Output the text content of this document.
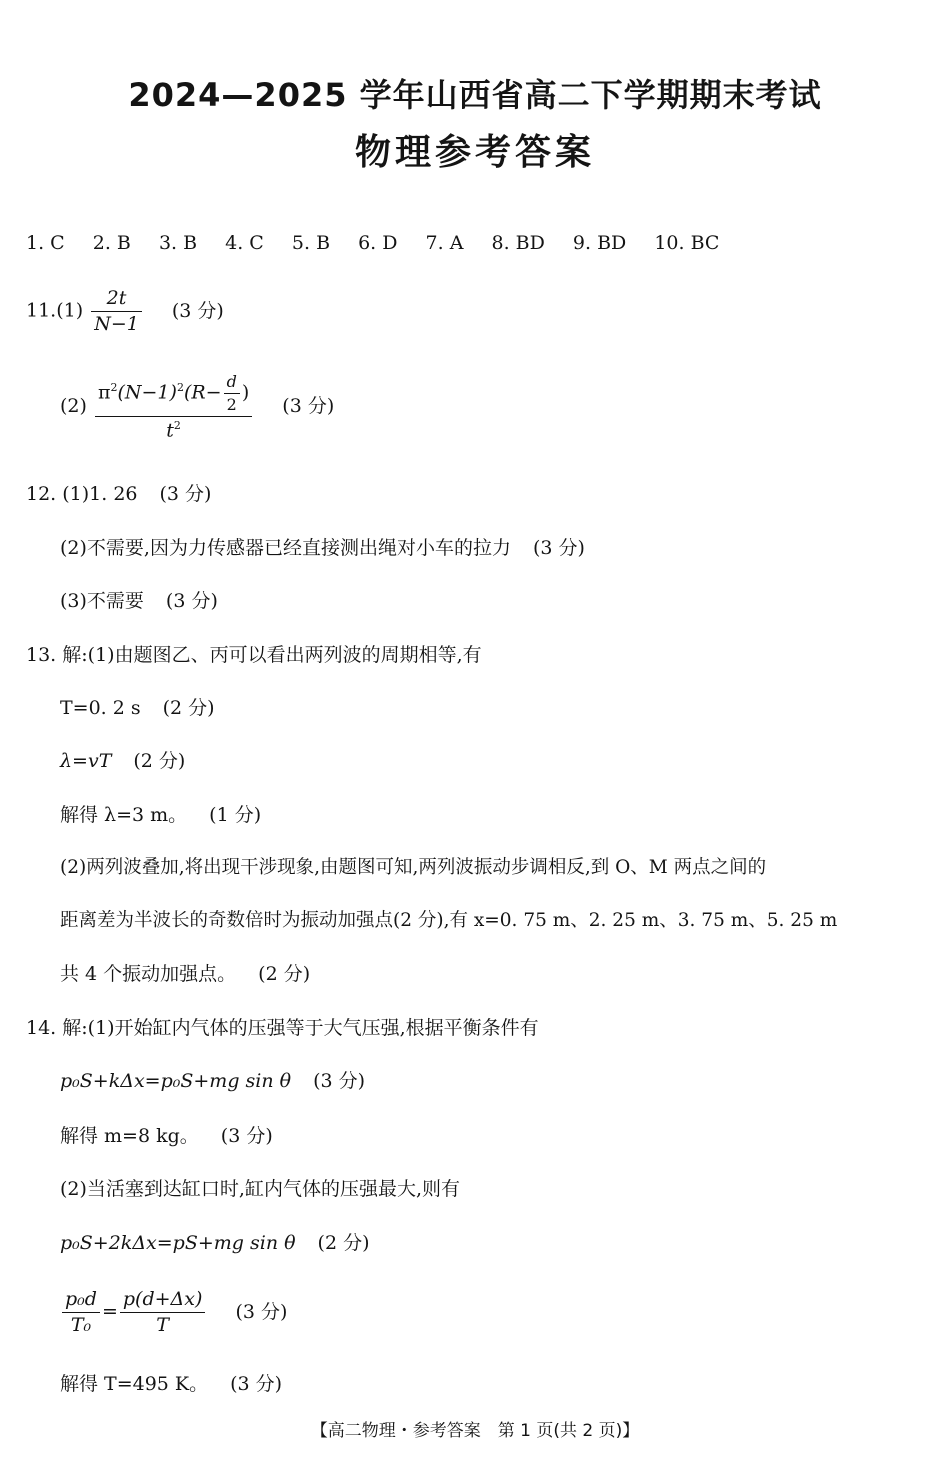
2024—2025 学年山西省高二下学期期末考试
物理参考答案
1. C 2. B 3. B 4. C 5. B 6. D 7. A 8. BD 9. BD 10. BC
$11.(1) \frac{2t}{N-1} (3$ 分)
$(2) \frac{\pi^2(N-1)^2(R- \frac{d}{2} )}{t^2} (3$ 分)
12. (1)1. 26 (3 分)
(2)不需要,因为力传感器已经直接测出绳对小车的拉力 (3 分)
(3)不需要 (3 分)
13. 解:(1)由题图乙、丙可以看出两列波的周期相等,有
T=0. 2 s (2 分)
λ=vT (2 分)
解得 λ=3 m。 (1 分)
(2)两列波叠加,将出现干涉现象,由题图可知,两列波振动步调相反,到 O、M 两点之间的
距离差为半波长的奇数倍时为振动加强点(2 分),有 x=0. 75 m、2. 25 m、3. 75 m、5. 25 m
共 4 个振动加强点。 (2 分)
14. 解:(1)开始缸内气体的压强等于大气压强,根据平衡条件有
p₀S+kΔx=p₀S+mg sin θ (3 分)
解得 m=8 kg。 (3 分)
(2)当活塞到达缸口时,缸内气体的压强最大,则有
p₀S+2kΔx=pS+mg sin θ (2 分)
$\frac{\text{p₀d}}{\text{T₀}} = \frac{p(d+\Delta x)}{T} (3$ 分)
解得 T=495 K。 (3 分)
【高二物理・参考答案　第 1 页(共 2 页)】
